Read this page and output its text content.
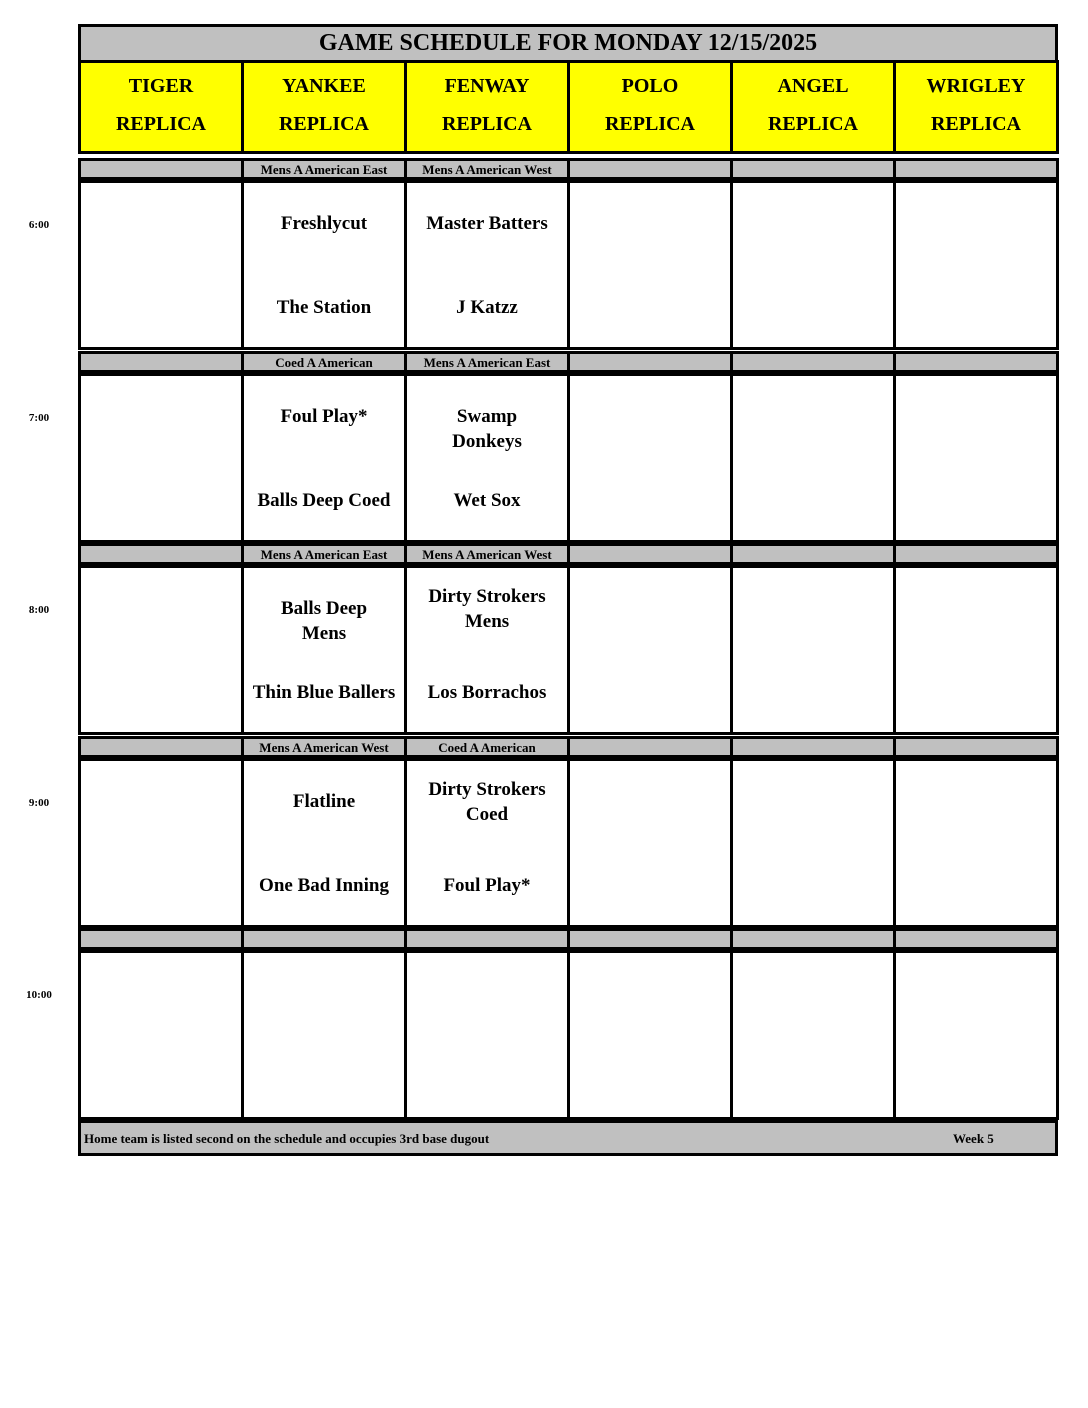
GAME SCHEDULE FOR MONDAY 12/15/2025
TIGER
REPLICA
YANKEE
REPLICA
FENWAY
REPLICA
POLO
REPLICA
ANGEL
REPLICA
WRIGLEY
REPLICA
Mens A American East
Freshlycut
The Station
Mens A American West
Master Batters
J Katzz
Coed A American
Foul Play*
Balls Deep Coed
Mens A American East
Swamp Donkeys
Wet Sox
Mens A American East
Balls Deep Mens
Thin Blue Ballers
Mens A American West
Dirty Strokers Mens
Los Borrachos
Mens A American West
Flatline
One Bad Inning
Coed A American
Dirty Strokers Coed
Foul Play*
Home team is listed second on the schedule and occupies 3rd base dugout	Week 5
6:00
7:00
8:00
9:00
10:00
